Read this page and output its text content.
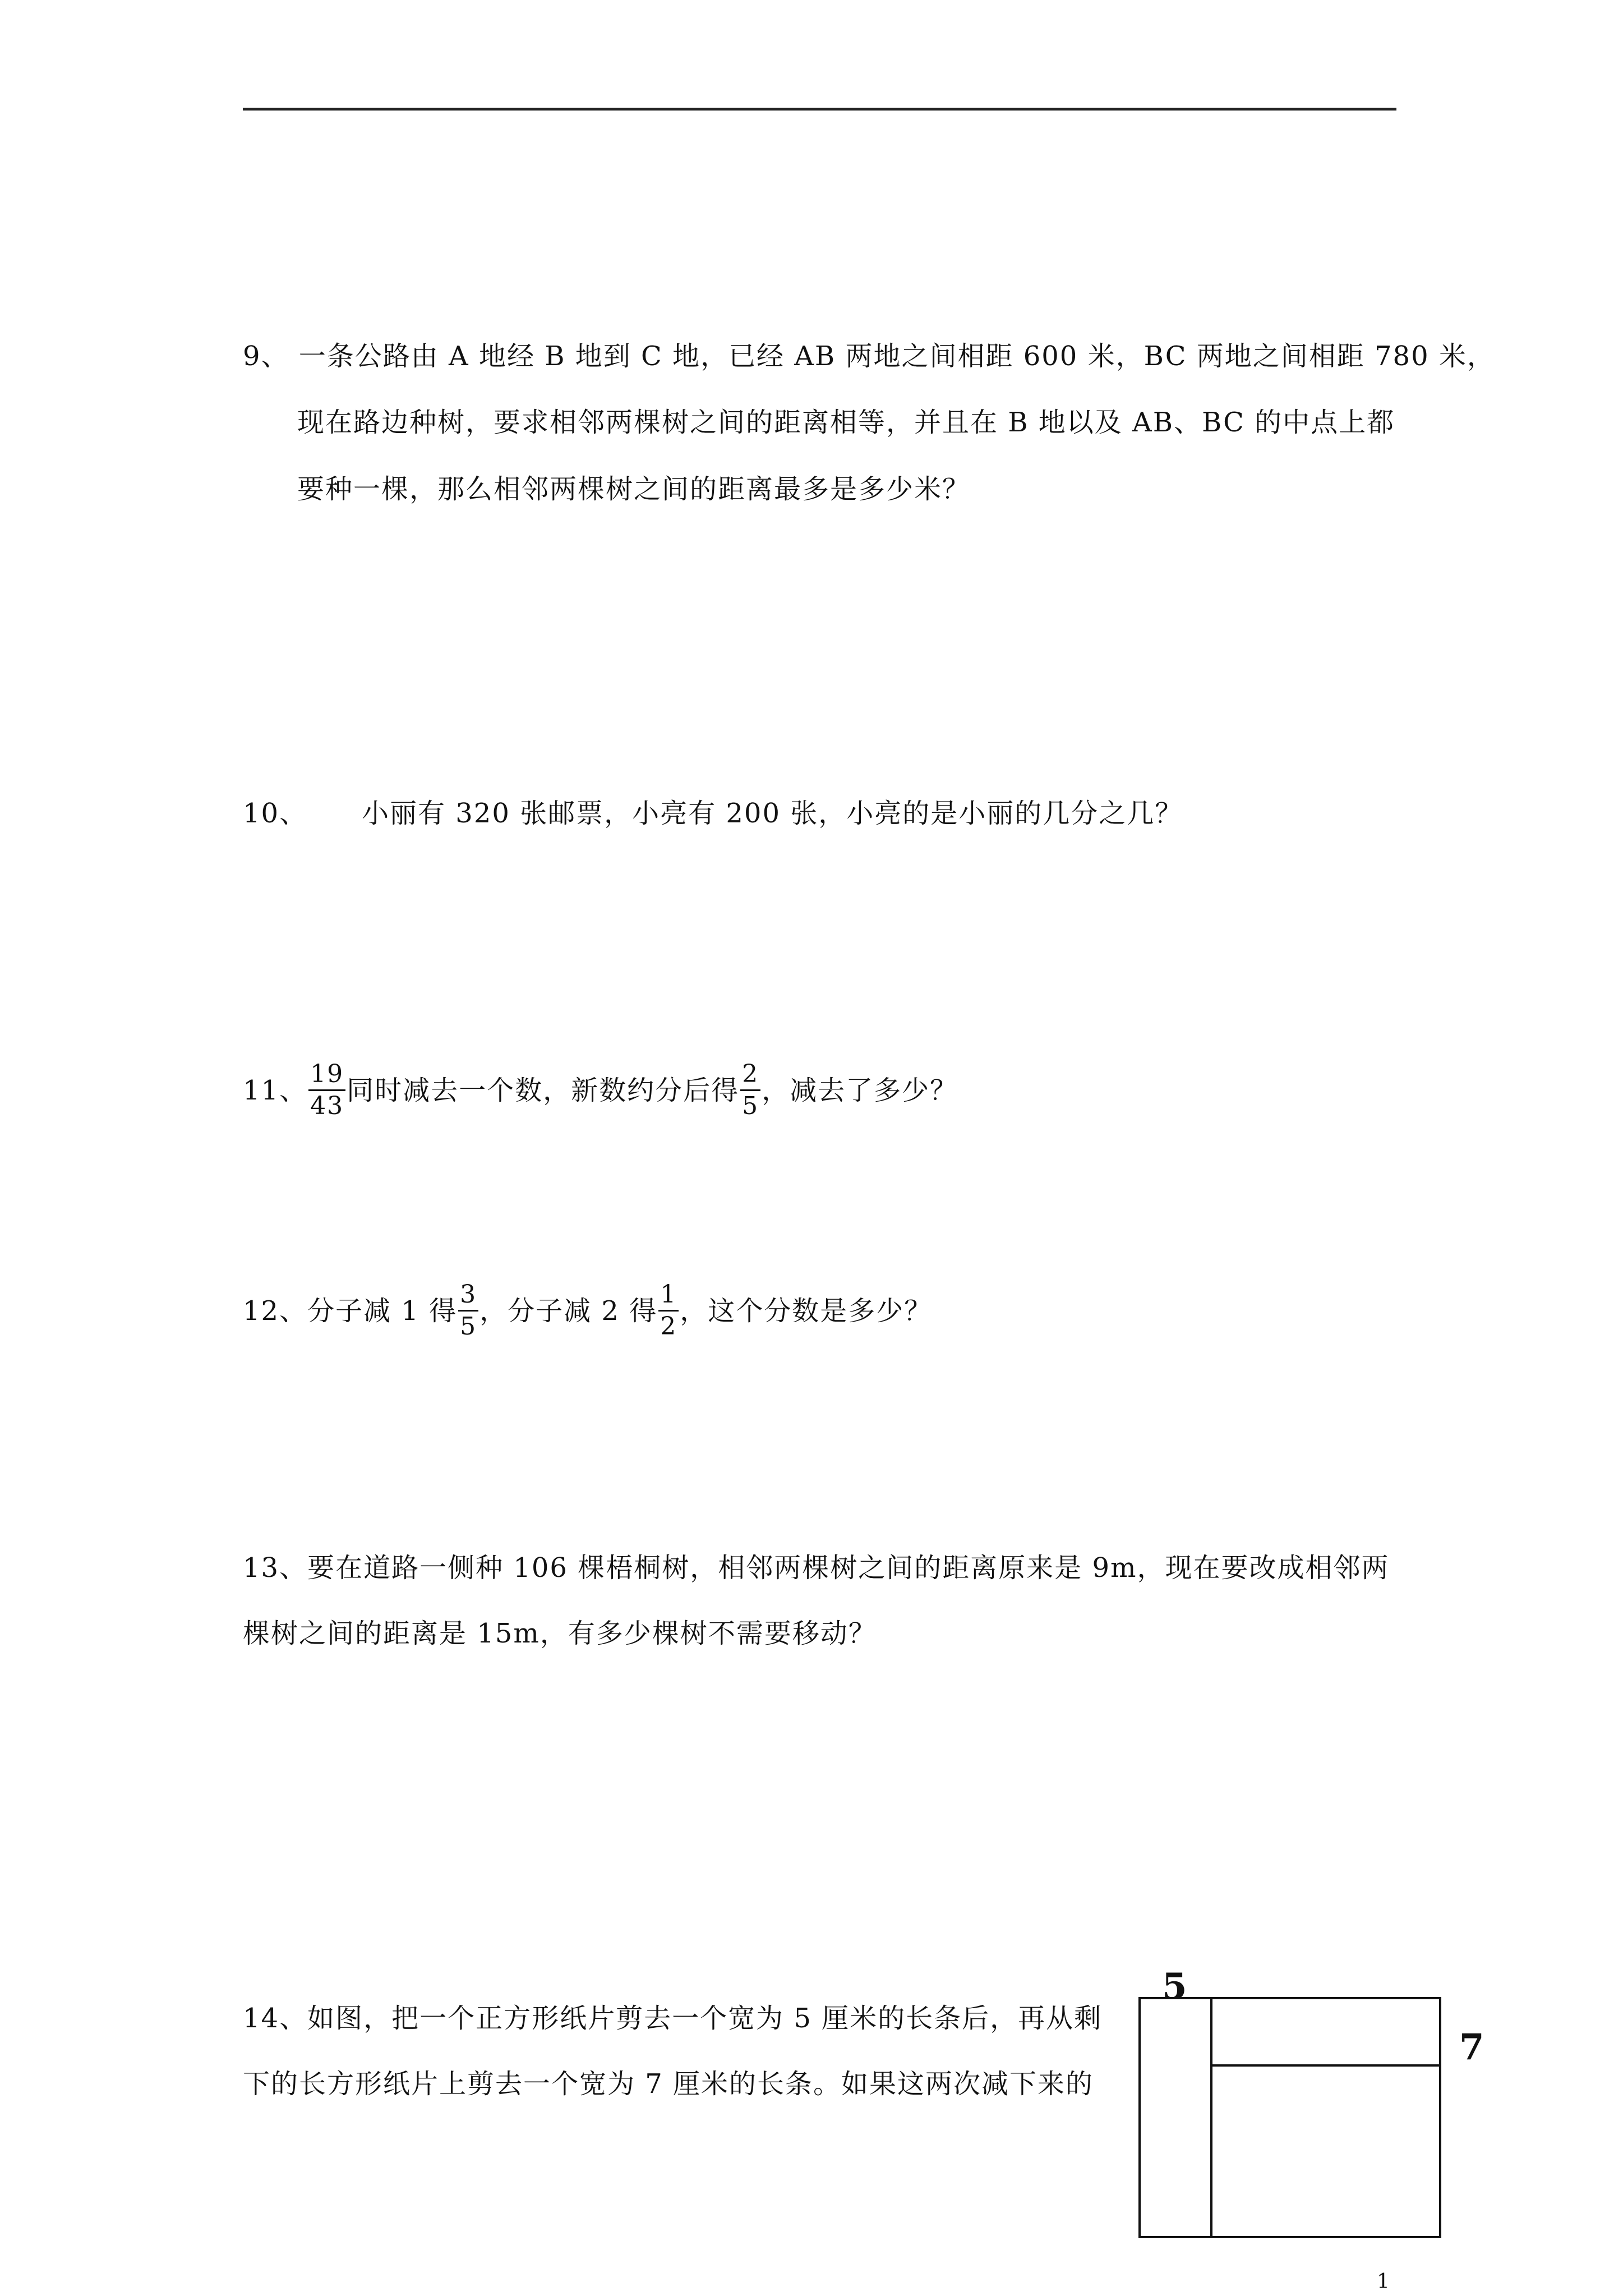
9、 一条公路由 A 地经 B 地到 C 地，已经 AB 两地之间相距 600 米，BC 两地之间相距 780 米，
现在路边种树，要求相邻两棵树之间的距离相等，并且在 B 地以及 AB、BC 的中点上都
要种一棵，那么相邻两棵树之间的距离最多是多少米？
10、 小丽有 320 张邮票，小亮有 200 张，小亮的是小丽的几分之几？
11、 $\frac{19}{43}$ 同时减去一个数，新数约分后得 $\frac{2}{5}$ ，减去了多少？
12、分子减 1 得 $\frac{3}{5}$ ，分子减 2 得 $\frac{1}{2}$ ，这个分数是多少？
13、要在道路一侧种 106 棵梧桐树，相邻两棵树之间的距离原来是 9m，现在要改成相邻两
棵树之间的距离是 15m，有多少棵树不需要移动？
14、如图，把一个正方形纸片剪去一个宽为 5 厘米的长条后，再从剩
下的长方形纸片上剪去一个宽为 7 厘米的长条。如果这两次减下来的
5
7
1
